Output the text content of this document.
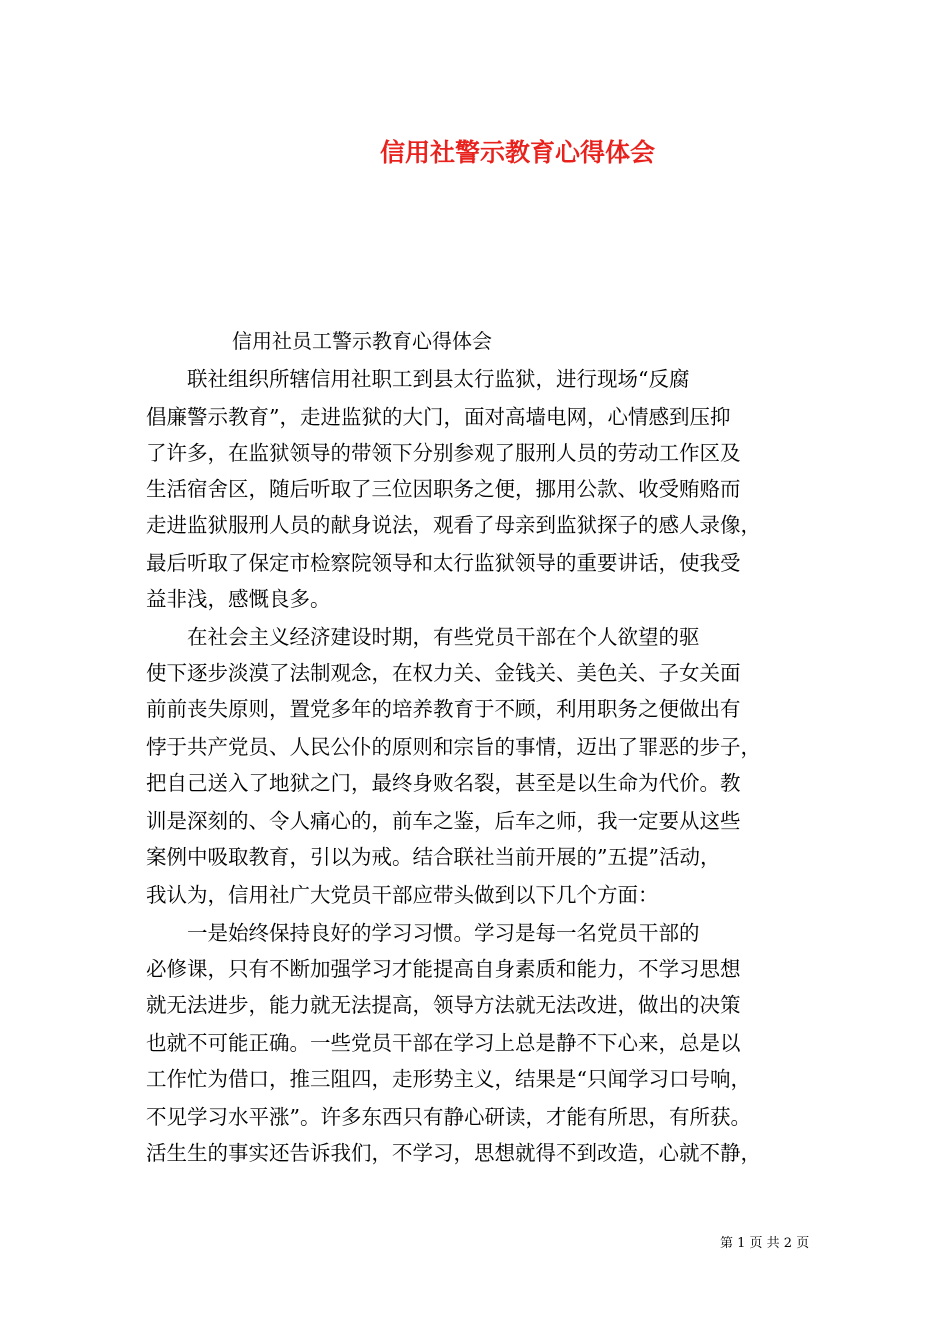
信用社警示教育心得体会
信用社员工警示教育心得体会
　　联社组织所辖信用社职工到县太行监狱，进行现场“反腐
倡廉警示教育”，走进监狱的大门，面对高墙电网，心情感到压抑
了许多，在监狱领导的带领下分别参观了服刑人员的劳动工作区及
生活宿舍区，随后听取了三位因职务之便，挪用公款、收受贿赂而
走进监狱服刑人员的献身说法，观看了母亲到监狱探子的感人录像，
最后听取了保定市检察院领导和太行监狱领导的重要讲话，使我受
益非浅，感慨良多。
　　在社会主义经济建设时期，有些党员干部在个人欲望的驱
使下逐步淡漠了法制观念，在权力关、金钱关、美色关、子女关面
前前丧失原则，置党多年的培养教育于不顾，利用职务之便做出有
悖于共产党员、人民公仆的原则和宗旨的事情，迈出了罪恶的步子，
把自己送入了地狱之门，最终身败名裂，甚至是以生命为代价。教
训是深刻的、令人痛心的，前车之鉴，后车之师，我一定要从这些
案例中吸取教育，引以为戒。结合联社当前开展的”五提”活动，
我认为，信用社广大党员干部应带头做到以下几个方面：
　　一是始终保持良好的学习习惯。学习是每一名党员干部的
必修课，只有不断加强学习才能提高自身素质和能力，不学习思想
就无法进步，能力就无法提高，领导方法就无法改进，做出的决策
也就不可能正确。一些党员干部在学习上总是静不下心来，总是以
工作忙为借口，推三阻四，走形势主义，结果是“只闻学习口号响，
不见学习水平涨”。许多东西只有静心研读，才能有所思，有所获。
活生生的事实还告诉我们，不学习，思想就得不到改造，心就不静，
第 1 页 共 2 页
